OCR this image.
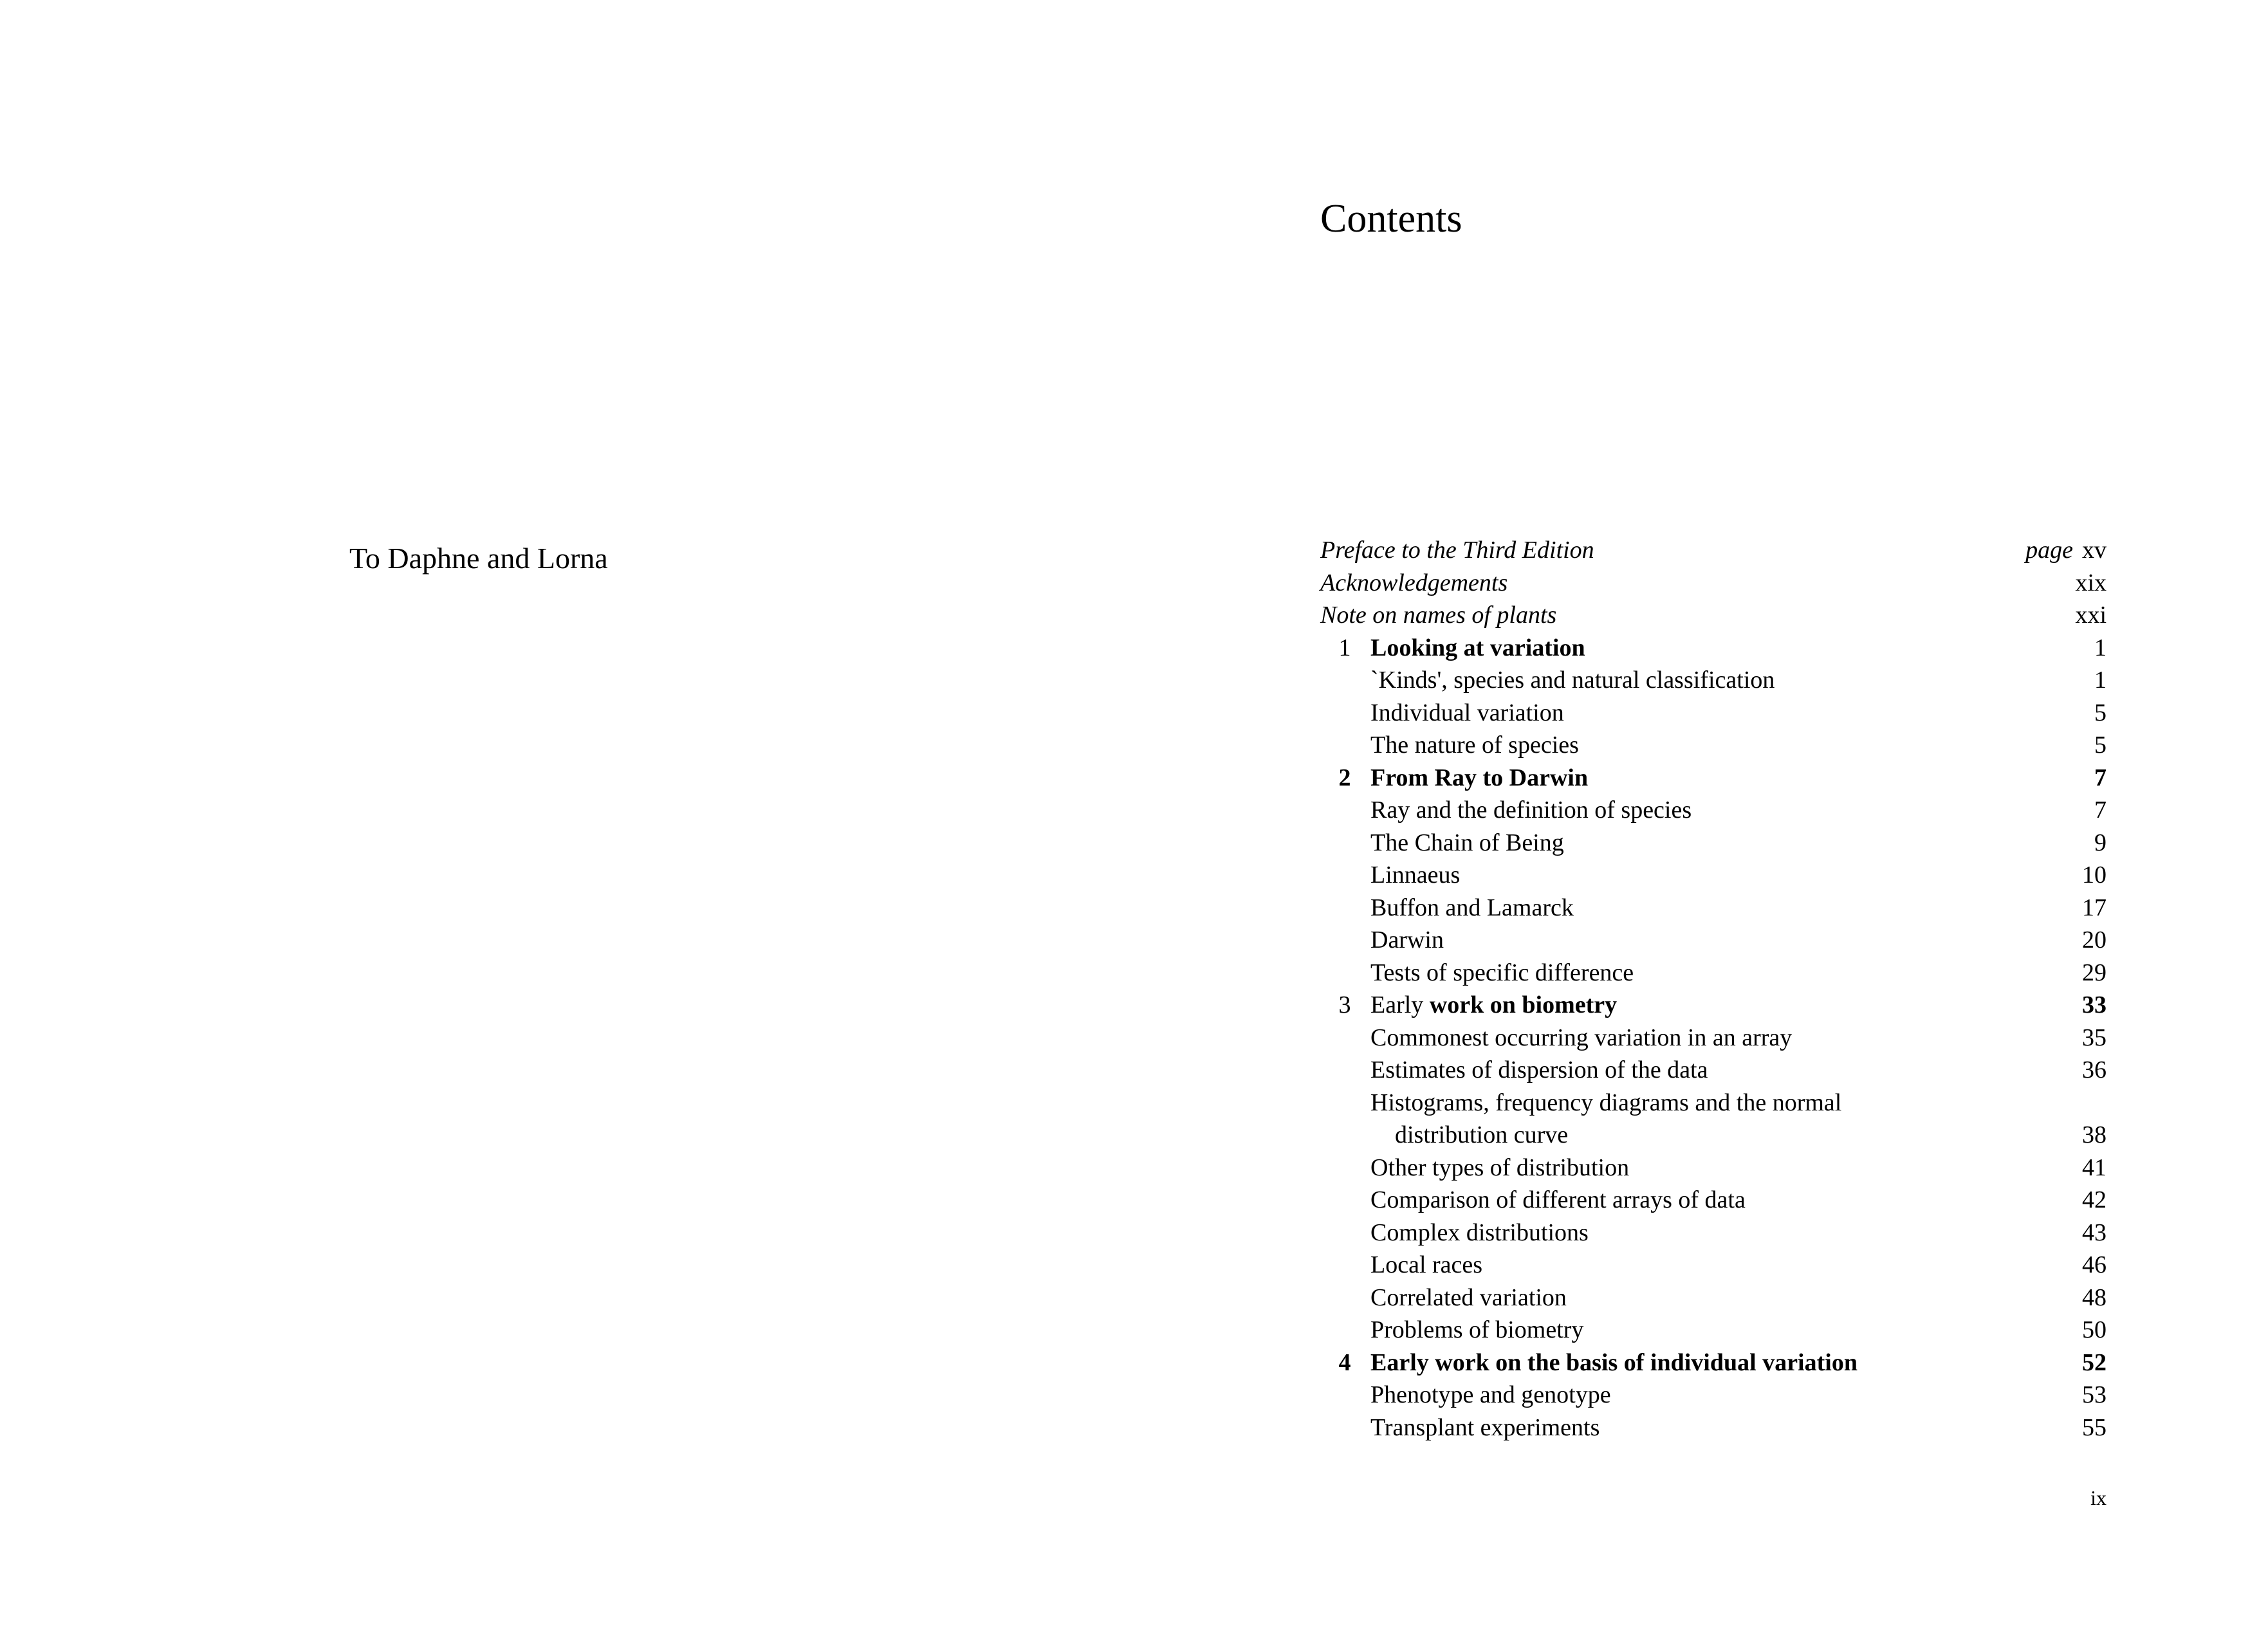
To Daphne and Lorna
Contents
Preface to the Third Edition	page xv
Acknowledgements	xix
Note on names of plants	xxi
1 Looking at variation	1
`Kinds', species and natural classification	1
Individual variation	5
The nature of species	5
2 From Ray to Darwin	7
Ray and the definition of species	7
The Chain of Being	9
Linnaeus	10
Buffon and Lamarck	17
Darwin	20
Tests of specific difference	29
3 Early work on biometry	33
Commonest occurring variation in an array	35
Estimates of dispersion of the data	36
Histograms, frequency diagrams and the normal
distribution curve	38
Other types of distribution	41
Comparison of different arrays of data	42
Complex distributions	43
Local races	46
Correlated variation	48
Problems of biometry	50
4 Early work on the basis of individual variation	52
Phenotype and genotype	53
Transplant experiments	55
ix
